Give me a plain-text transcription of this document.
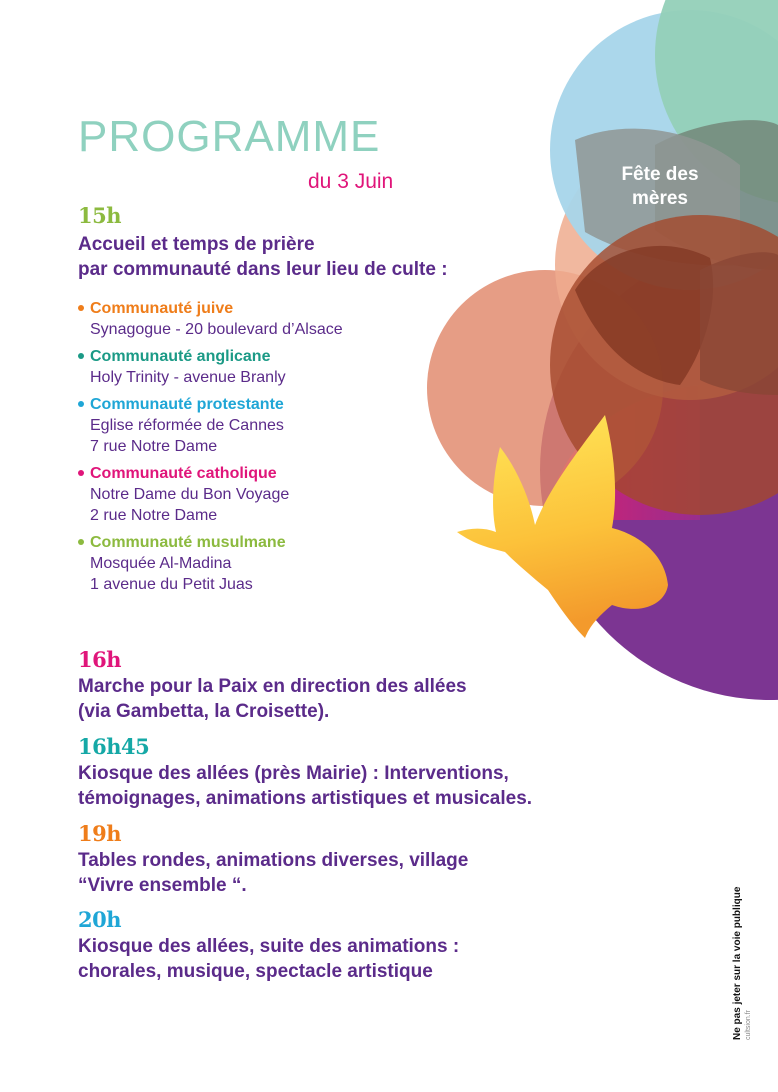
PROGRAMME
du 3 Juin	Fête des
mères
15h
Accueil et temps de prière
par communauté dans leur lieu de culte :
Communauté juive
Synagogue - 20 boulevard d’Alsace
Communauté anglicane
Holy Trinity - avenue Branly
Communauté protestante
Eglise réformée de Cannes
7 rue Notre Dame
Communauté catholique
Notre Dame du Bon Voyage
2 rue Notre Dame
Communauté musulmane
Mosquée Al-Madina
1 avenue du Petit Juas
16h
Marche pour la Paix en direction des allées
(via Gambetta, la Croisette).
16h45
Kiosque des allées (près Mairie) : Interventions,
témoignages, animations artistiques et musicales.
19h
Tables rondes, animations diverses, village
“Vivre ensemble “.
20h
Kiosque des allées, suite des animations :
chorales, musique, spectacle artistique	Ne pas jeter sur la voie publique cultsion.fr
